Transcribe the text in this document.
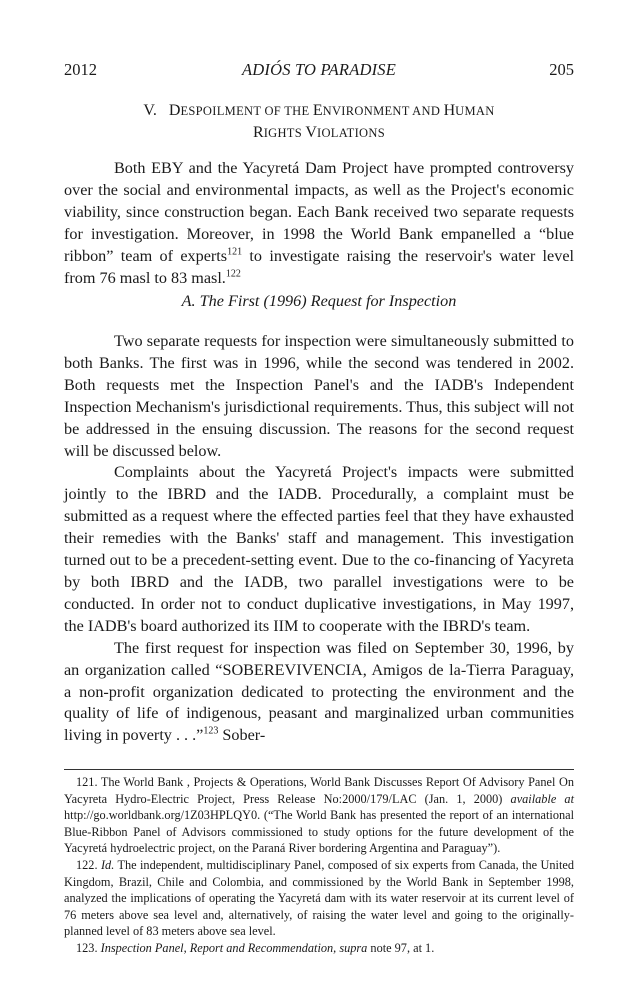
2012	ADIÓS TO PARADISE	205
V. DESPOILMENT OF THE ENVIRONMENT AND HUMAN
RIGHTS VIOLATIONS

Both EBY and the Yacyretá Dam Project have prompted controversy over the social and environmental impacts, as well as the Project's economic viability, since construction began. Each Bank received two separate requests for investigation. Moreover, in 1998 the World Bank empanelled a “blue ribbon” team of experts$^{121}$ to investigate raising the reservoir's water level from 76 masl to 83 masl.$^{122}$

A. The First (1996) Request for Inspection

Two separate requests for inspection were simultaneously submitted to both Banks. The first was in 1996, while the second was tendered in 2002. Both requests met the Inspection Panel's and the IADB's Independent Inspection Mechanism's jurisdictional requirements. Thus, this subject will not be addressed in the ensuing discussion. The reasons for the second request will be discussed below.

Complaints about the Yacyretá Project's impacts were submitted jointly to the IBRD and the IADB. Procedurally, a complaint must be submitted as a request where the effected parties feel that they have exhausted their remedies with the Banks' staff and management. This investigation turned out to be a precedent-setting event. Due to the co-financing of Yacyreta by both IBRD and the IADB, two parallel investigations were to be conducted. In order not to conduct duplicative investigations, in May 1997, the IADB's board authorized its IIM to cooperate with the IBRD's team.

The first request for inspection was filed on September 30, 1996, by an organization called “SOBEREVIVENCIA, Amigos de la-Tierra Paraguay, a non-profit organization dedicated to protecting the environment and the quality of life of indigenous, peasant and marginalized urban communities living in poverty . . .”$^{123}$ Sober-

121. The World Bank , Projects & Operations, World Bank Discusses Report Of Advisory Panel On Yacyreta Hydro-Electric Project, Press Release No:2000/179/LAC (Jan. 1, 2000) available at http://go.worldbank.org/1Z03HPLQY0. (“The World Bank has presented the report of an international Blue-Ribbon Panel of Advisors commissioned to study options for the future development of the Yacyretá hydroelectric project, on the Paraná River bordering Argentina and Paraguay”).

122. Id. The independent, multidisciplinary Panel, composed of six experts from Canada, the United Kingdom, Brazil, Chile and Colombia, and commissioned by the World Bank in September 1998, analyzed the implications of operating the Yacyretá dam with its water reservoir at its current level of 76 meters above sea level and, alternatively, of raising the water level and going to the originally-planned level of 83 meters above sea level.

123. Inspection Panel, Report and Recommendation, supra note 97, at 1.
